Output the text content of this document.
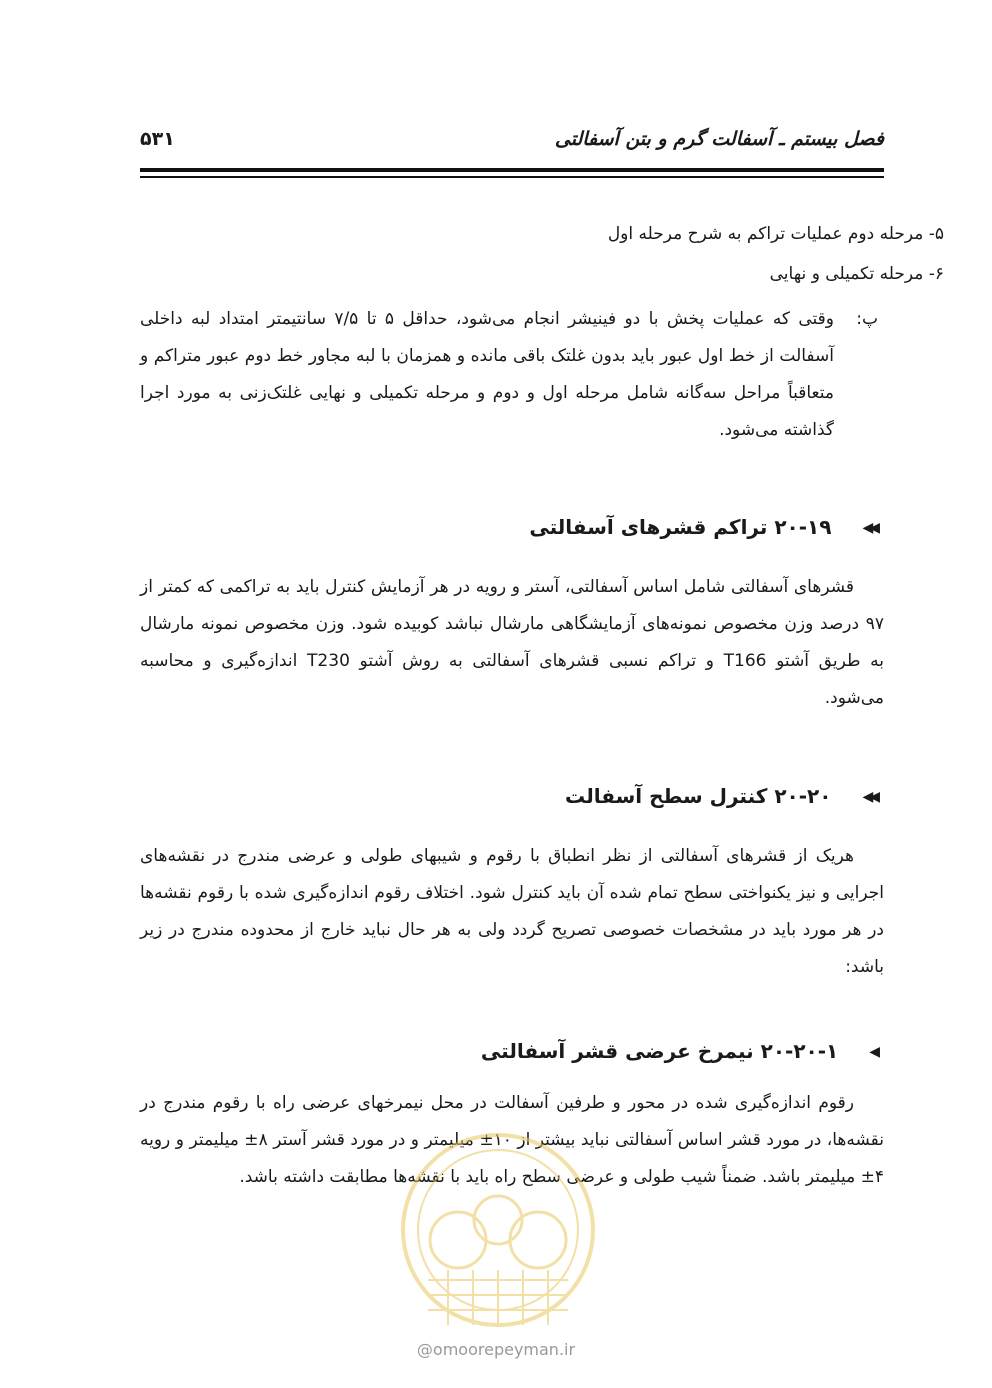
فصل بیستم ـ آسفالت گرم و بتن آسفالتی
۵۳۱
۵- مرحله دوم عملیات تراکم به شرح مرحله اول
۶- مرحله تکمیلی و نهایی
پ:
وقتی که عملیات پخش با دو فینیشر انجام می‌شود، حداقل ۵ تا ۷/۵ سانتیمتر امتداد لبه داخلی آسفالت از خط اول عبور باید بدون غلتک باقی مانده و همزمان با لبه مجاور خط دوم عبور متراکم و متعاقباً مراحل سه‌گانه شامل مرحله اول و دوم و مرحله تکمیلی و نهایی غلتک‌زنی به مورد اجرا گذاشته می‌شود.
◀◀ ۲۰-۱۹ تراکم قشرهای آسفالتی
قشرهای آسفالتی شامل اساس آسفالتی، آستر و رویه در هر آزمایش کنترل باید به تراکمی که کمتر از ۹۷ درصد وزن مخصوص نمونه‌های آزمایشگاهی مارشال نباشد کوبیده شود. وزن مخصوص نمونه مارشال به طریق آشتو T166 و تراکم نسبی قشرهای آسفالتی به روش آشتو T230 اندازه‌گیری و محاسبه می‌شود.
◀◀ ۲۰-۲۰ کنترل سطح آسفالت
هریک از قشرهای آسفالتی از نظر انطباق با رقوم و شیبهای طولی و عرضی مندرج در نقشه‌های اجرایی و نیز یکنواختی سطح تمام شده آن باید کنترل شود. اختلاف رقوم اندازه‌گیری شده با رقوم نقشه‌ها در هر مورد باید در مشخصات خصوصی تصریح گردد ولی به هر حال نباید خارج از محدوده مندرج در زیر باشد:
◀ ۲۰-۲۰-۱ نیمرخ عرضی قشر آسفالتی
رقوم اندازه‌گیری شده در محور و طرفین آسفالت در محل نیمرخهای عرضی راه با رقوم مندرج در نقشه‌ها، در مورد قشر اساس آسفالتی نباید بیشتر از ۱۰± میلیمتر و در مورد قشر آستر ۸± میلیمتر و رویه ۴± میلیمتر باشد. ضمناً شیب طولی و عرضی سطح راه باید با نقشه‌ها مطابقت داشته باشد.
@omoorepeyman.ir
